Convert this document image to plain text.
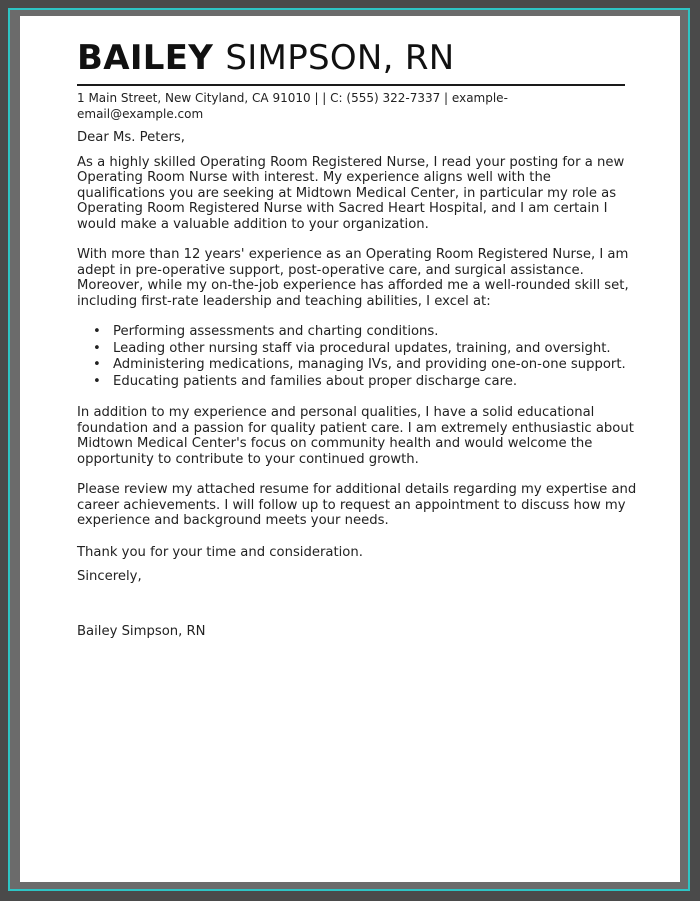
BAILEY SIMPSON, RN
1 Main Street, New Cityland, CA 91010 | | C: (555) 322-7337 | example-email@example.com

Dear Ms. Peters,

As a highly skilled Operating Room Registered Nurse, I read your posting for a new Operating Room Nurse with interest. My experience aligns well with the qualifications you are seeking at Midtown Medical Center, in particular my role as Operating Room Registered Nurse with Sacred Heart Hospital, and I am certain I would make a valuable addition to your organization.

With more than 12 years' experience as an Operating Room Registered Nurse, I am adept in pre-operative support, post-operative care, and surgical assistance. Moreover, while my on-the-job experience has afforded me a well-rounded skill set, including first-rate leadership and teaching abilities, I excel at:

• Performing assessments and charting conditions.
• Leading other nursing staff via procedural updates, training, and oversight.
• Administering medications, managing IVs, and providing one-on-one support.
• Educating patients and families about proper discharge care.

In addition to my experience and personal qualities, I have a solid educational foundation and a passion for quality patient care. I am extremely enthusiastic about Midtown Medical Center's focus on community health and would welcome the opportunity to contribute to your continued growth.

Please review my attached resume for additional details regarding my expertise and career achievements. I will follow up to request an appointment to discuss how my experience and background meets your needs.

Thank you for your time and consideration.

Sincerely,

Bailey Simpson, RN
